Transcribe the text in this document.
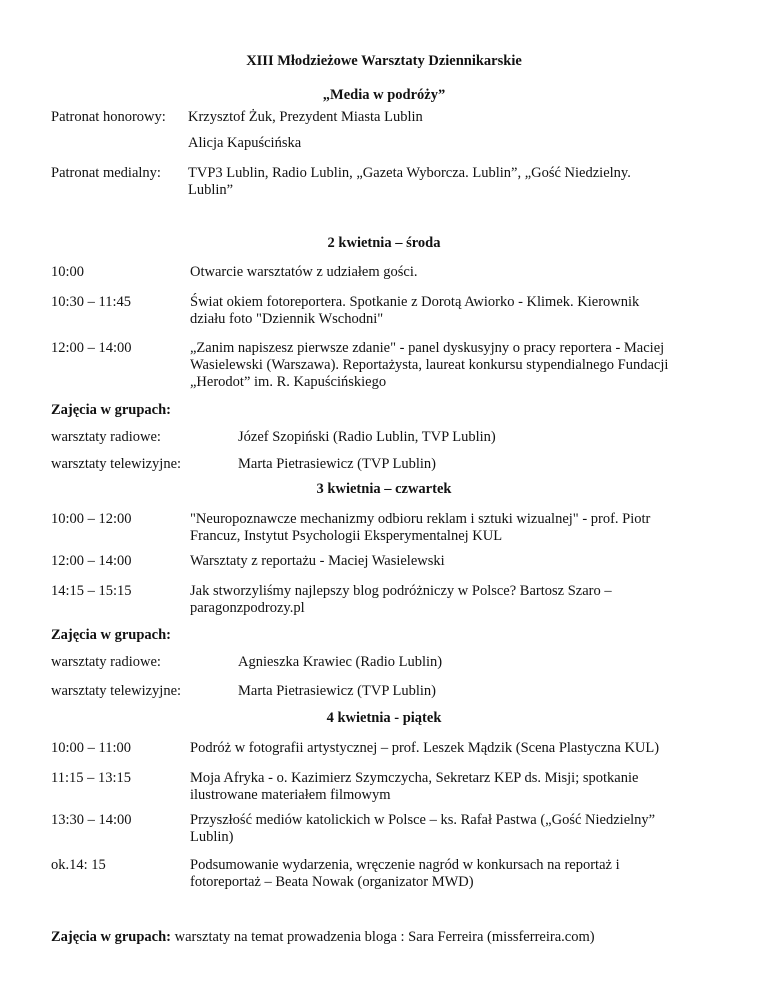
XIII Młodzieżowe Warsztaty Dziennikarskie
„Media w podróży”
Patronat honorowy: Krzysztof Żuk, Prezydent Miasta Lublin
Alicja Kapuścińska
Patronat medialny: TVP3 Lublin, Radio Lublin, „Gazeta Wyborcza. Lublin”, „Gość Niedzielny.
Lublin”
2 kwietnia – środa
10:00	Otwarcie warsztatów z udziałem gości.
10:30 – 11:45	Świat okiem fotoreportera. Spotkanie z Dorotą Awiorko - Klimek. Kierownik
działu foto "Dziennik Wschodni"
12:00 – 14:00	„Zanim napiszesz pierwsze zdanie" - panel dyskusyjny o pracy reportera - Maciej
Wasielewski (Warszawa). Reportażysta, laureat konkursu stypendialnego Fundacji
„Herodot” im. R. Kapuścińskiego
Zajęcia w grupach:
warsztaty radiowe:	Józef Szopiński (Radio Lublin, TVP Lublin)
warsztaty telewizyjne:	Marta Pietrasiewicz (TVP Lublin)
3 kwietnia – czwartek
10:00 – 12:00	"Neuropoznawcze mechanizmy odbioru reklam i sztuki wizualnej" - prof. Piotr
Francuz, Instytut Psychologii Eksperymentalnej KUL
12:00 – 14:00	Warsztaty z reportażu - Maciej Wasielewski
14:15 – 15:15	Jak stworzyliśmy najlepszy blog podróżniczy w Polsce? Bartosz Szaro –
paragonzpodrozy.pl
Zajęcia w grupach:
warsztaty radiowe:	Agnieszka Krawiec (Radio Lublin)
warsztaty telewizyjne:	Marta Pietrasiewicz (TVP Lublin)
4 kwietnia - piątek
10:00 – 11:00	Podróż w fotografii artystycznej – prof. Leszek Mądzik (Scena Plastyczna KUL)
11:15 – 13:15	Moja Afryka - o. Kazimierz Szymczycha, Sekretarz KEP ds. Misji; spotkanie
ilustrowane materiałem filmowym
13:30 – 14:00	Przyszłość mediów katolickich w Polsce – ks. Rafał Pastwa („Gość Niedzielny”
Lublin)
ok.14: 15	Podsumowanie wydarzenia, wręczenie nagród w konkursach na reportaż i
fotoreportaż – Beata Nowak (organizator MWD)
Zajęcia w grupach: warsztaty na temat prowadzenia bloga : Sara Ferreira (missferreira.com)
